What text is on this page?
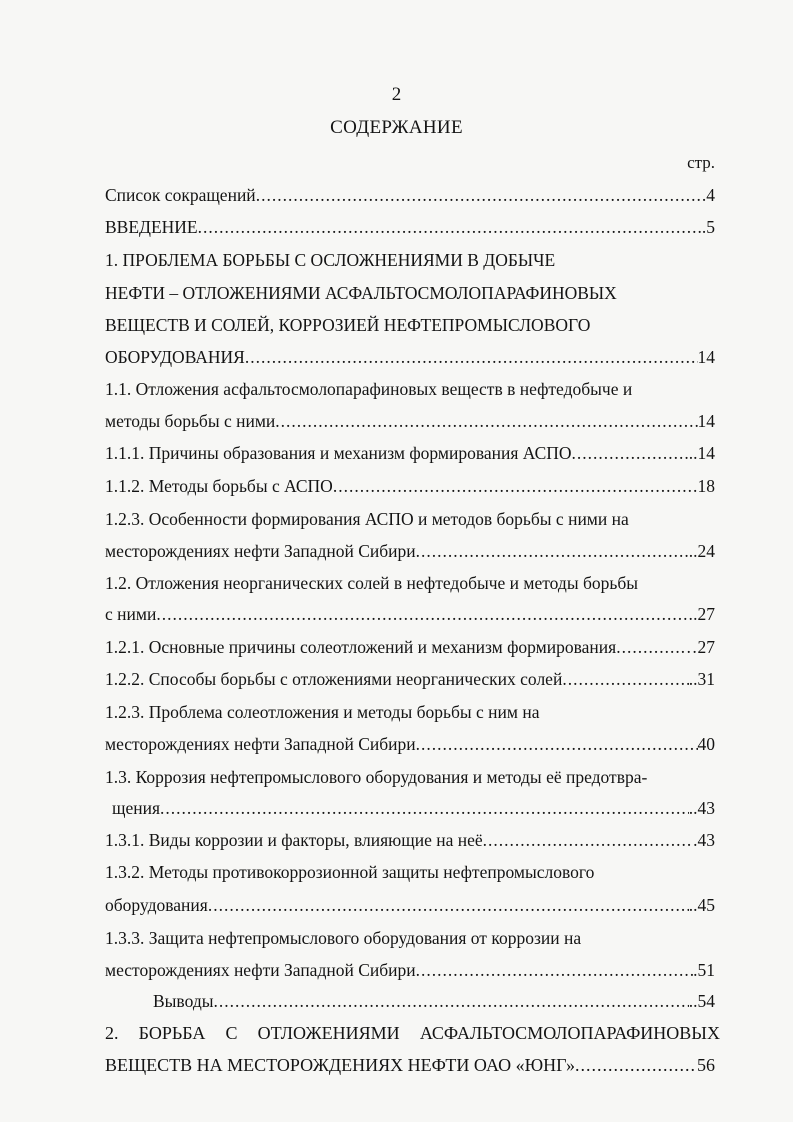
2
СОДЕРЖАНИЕ
стр.
Список сокращений .....	.4
ВВЕДЕНИЕ .....	.5
1. ПРОБЛЕМА БОРЬБЫ С ОСЛОЖНЕНИЯМИ В ДОБЫЧЕ
НЕФТИ – ОТЛОЖЕНИЯМИ АСФАЛЬТОСМОЛОПАРАФИНОВЫХ
ВЕЩЕСТВ И СОЛЕЙ, КОРРОЗИЕЙ НЕФТЕПРОМЫСЛОВОГО
ОБОРУДОВАНИЯ .....	14
1.1. Отложения асфальтосмолопарафиновых веществ в нефтедобыче и
методы борьбы с ними .....	14
1.1.1. Причины образования и механизм формирования АСПО .....	..14
1.1.2. Методы борьбы с АСПО .....	18
1.2.3. Особенности формирования АСПО и методов борьбы с ними на
месторождениях нефти Западной Сибири .....	..24
1.2. Отложения неорганических солей в нефтедобыче и методы борьбы
с ними .....	.27
1.2.1. Основные причины солеотложений и механизм формирования .....	…27
1.2.2. Способы борьбы с отложениями неорганических солей .....	..31
1.2.3. Проблема солеотложения и методы борьбы с ним на
месторождениях нефти Западной Сибири .....	40
1.3. Коррозия нефтепромыслового оборудования и методы её предотвра-
щения .....	..43
1.3.1. Виды коррозии и факторы, влияющие на неё .....	.43
1.3.2. Методы противокоррозионной защиты нефтепромыслового
оборудования .....	..45
1.3.3. Защита нефтепромыслового оборудования от коррозии на
месторождениях нефти Западной Сибири .....	.51
Выводы .....	..54
2. БОРЬБА С ОТЛОЖЕНИЯМИ АСФАЛЬТОСМОЛОПАРАФИНОВЫХ
ВЕЩЕСТВ НА МЕСТОРОЖДЕНИЯХ НЕФТИ ОАО «ЮНГ» .....	56
